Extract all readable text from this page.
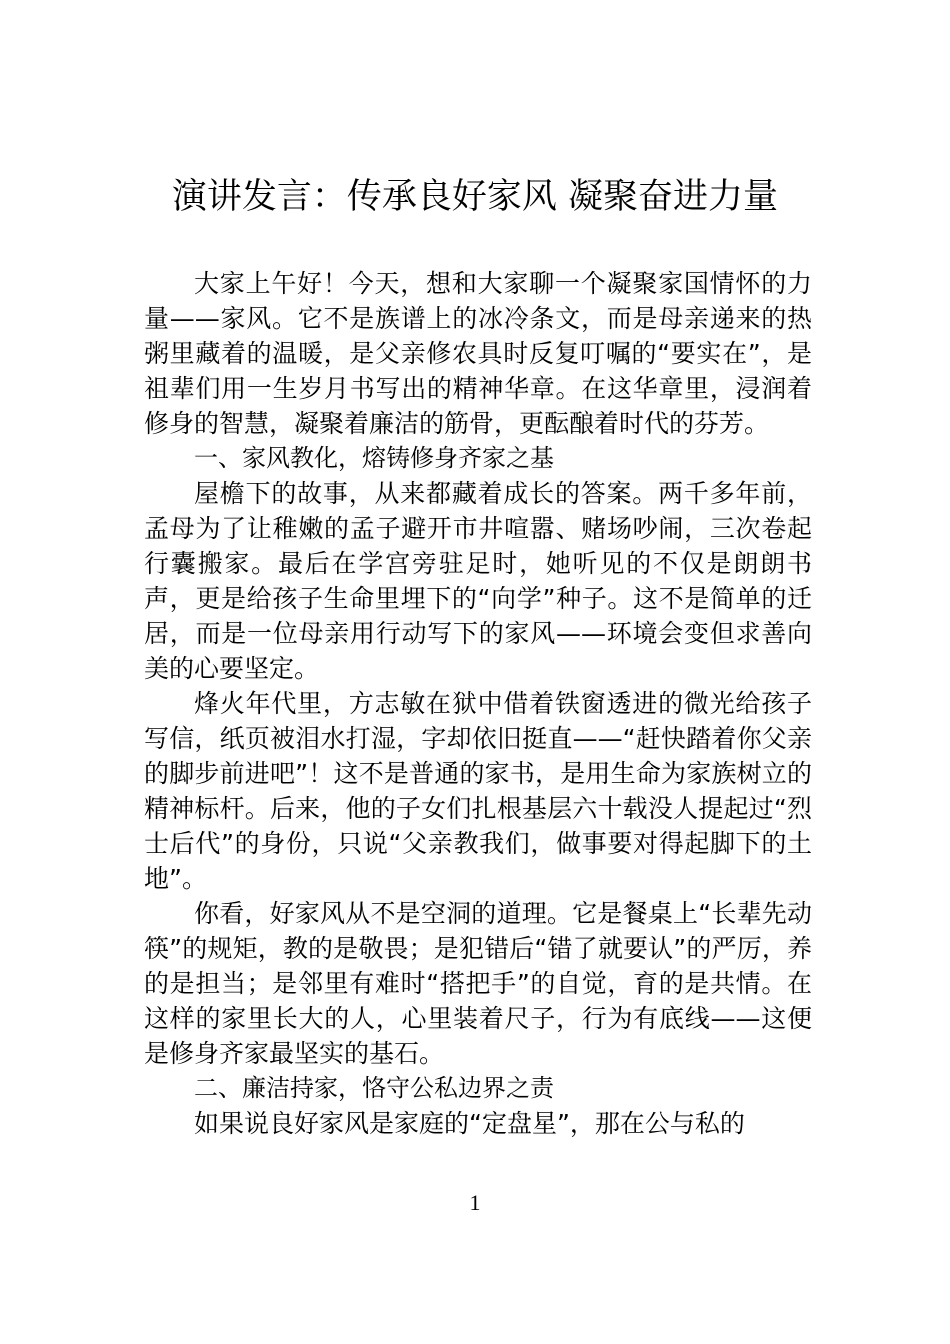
演讲发言：传承良好家风 凝聚奋进力量

大家上午好！今天，想和大家聊一个凝聚家国情怀的力量——家风。它不是族谱上的冰冷条文，而是母亲递来的热粥里藏着的温暖，是父亲修农具时反复叮嘱的“要实在”，是祖辈们用一生岁月书写出的精神华章。在这华章里，浸润着修身的智慧，凝聚着廉洁的筋骨，更酝酿着时代的芬芳。

一、家风教化，熔铸修身齐家之基

屋檐下的故事，从来都藏着成长的答案。两千多年前，孟母为了让稚嫩的孟子避开市井喧嚣、赌场吵闹，三次卷起行囊搬家。最后在学宫旁驻足时，她听见的不仅是朗朗书声，更是给孩子生命里埋下的“向学”种子。这不是简单的迁居，而是一位母亲用行动写下的家风——环境会变但求善向美的心要坚定。

烽火年代里，方志敏在狱中借着铁窗透进的微光给孩子写信，纸页被泪水打湿，字却依旧挺直——“赶快踏着你父亲的脚步前进吧”！这不是普通的家书，是用生命为家族树立的精神标杆。后来，他的子女们扎根基层六十载没人提起过“烈士后代”的身份，只说“父亲教我们，做事要对得起脚下的土地”。

你看，好家风从不是空洞的道理。它是餐桌上“长辈先动筷”的规矩，教的是敬畏；是犯错后“错了就要认”的严厉，养的是担当；是邻里有难时“搭把手”的自觉，育的是共情。在这样的家里长大的人，心里装着尺子，行为有底线——这便是修身齐家最坚实的基石。

二、廉洁持家，恪守公私边界之责

如果说良好家风是家庭的“定盘星”，那在公与私的

1
